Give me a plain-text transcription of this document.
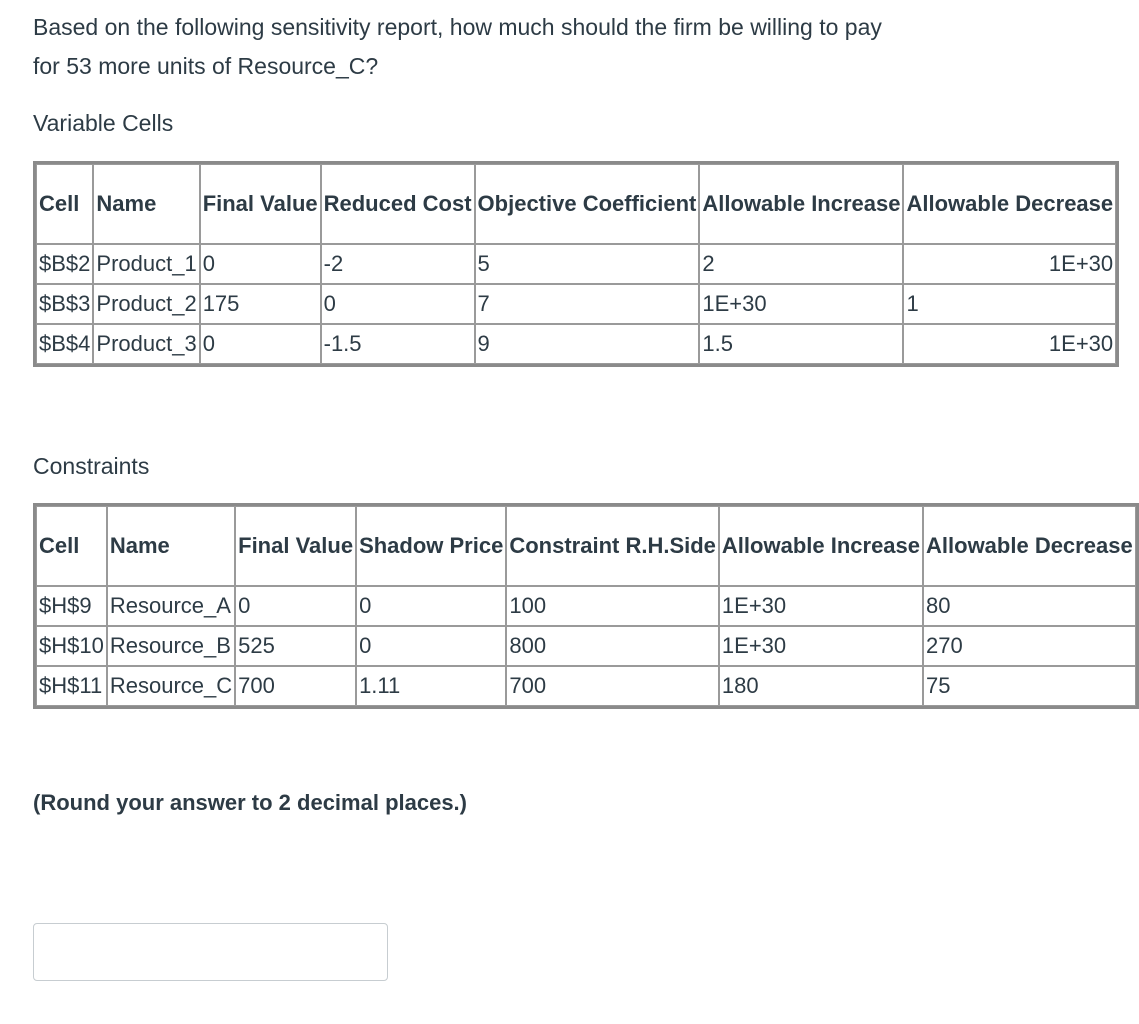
Based on the following sensitivity report, how much should the firm be willing to pay for 53 more units of Resource_C?

Variable Cells

Cell	Name	Final Value	Reduced Cost	Objective Coefficient	Allowable Increase	Allowable Decrease

$B$2	Product_1	0	-2	5	2	1E+30
$B$3	Product_2	175	0	7	1E+30	1
$B$4	Product_3	0	-1.5	9	1.5	1E+30

Constraints

Cell	Name	Final Value	Shadow Price	Constraint R.H.Side	Allowable Increase	Allowable Decrease

$H$9	Resource_A	0	0	100	1E+30	80
$H$10	Resource_B	525	0	800	1E+30	270
$H$11	Resource_C	700	1.11	700	180	75

(Round your answer to 2 decimal places.)
